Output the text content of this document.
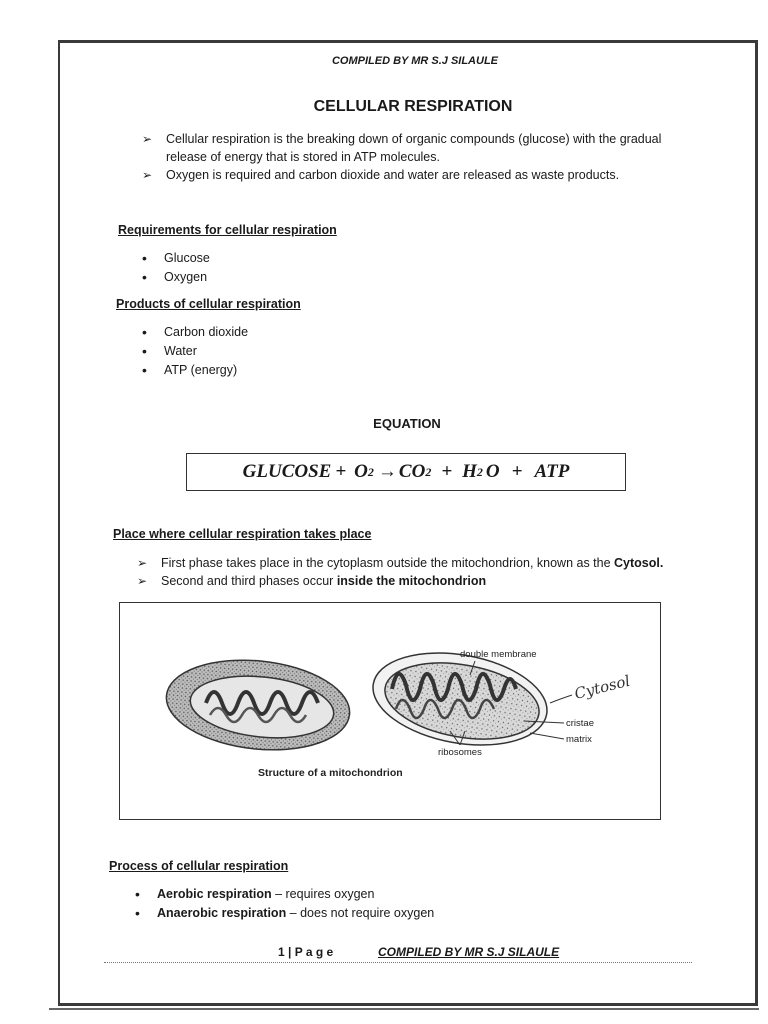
COMPILED BY MR S.J SILAULE
CELLULAR RESPIRATION
➢ Cellular respiration is the breaking down of organic compounds (glucose) with the gradual release of energy that is stored in ATP molecules.
➢ Oxygen is required and carbon dioxide and water are released as waste products.
Requirements for cellular respiration
• Glucose
• Oxygen
Products of cellular respiration
• Carbon dioxide
• Water
• ATP (energy)
EQUATION
GLUCOSE + O 2 → CO 2 + H 2 O + ATP
Place where cellular respiration takes place
➢ First phase takes place in the cytoplasm outside the mitochondrion, known as the Cytosol.
➢ Second and third phases occur inside the mitochondrion
double membrane
cristae
matrix
ribosomes
Structure of a mitochondrion
Cytosol
Process of cellular respiration
• Aerobic respiration – requires oxygen
• Anaerobic respiration – does not require oxygen
1 | P a g e	COMPILED BY MR S.J SILAULE
